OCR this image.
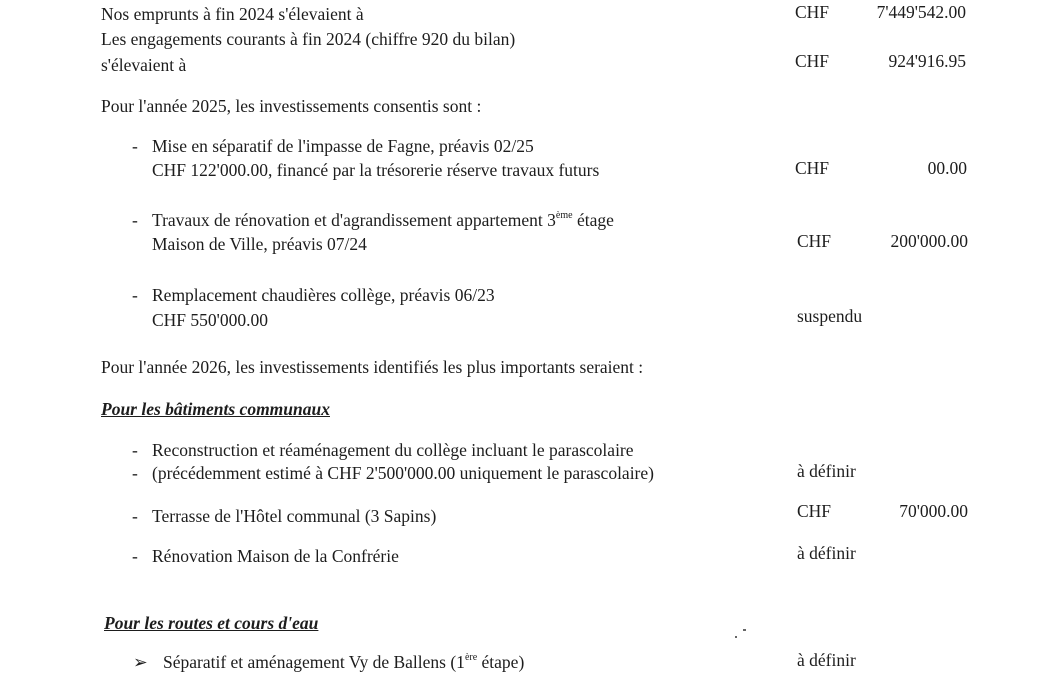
Nos emprunts à fin 2024 s'élevaient à	CHF	7'449'542.00
Les engagements courants à fin 2024 (chiffre 920 du bilan)
s'élevaient à	CHF	924'916.95
Pour l'année 2025, les investissements consentis sont :
- Mise en séparatif de l'impasse de Fagne, préavis 02/25
CHF 122'000.00, financé par la trésorerie réserve travaux futurs	CHF	00.00
- Travaux de rénovation et d'agrandissement appartement 3ème étage
Maison de Ville, préavis 07/24	CHF	200'000.00
- Remplacement chaudières collège, préavis 06/23
CHF 550'000.00	suspendu
Pour l'année 2026, les investissements identifiés les plus importants seraient :
Pour les bâtiments communaux
- Reconstruction et réaménagement du collège incluant le parascolaire
- (précédemment estimé à CHF 2'500'000.00 uniquement le parascolaire)	à définir
- Terrasse de l'Hôtel communal (3 Sapins)	CHF	70'000.00
- Rénovation Maison de la Confrérie	à définir
Pour les routes et cours d'eau
➢ Séparatif et aménagement Vy de Ballens (1ère étape)	à définir
